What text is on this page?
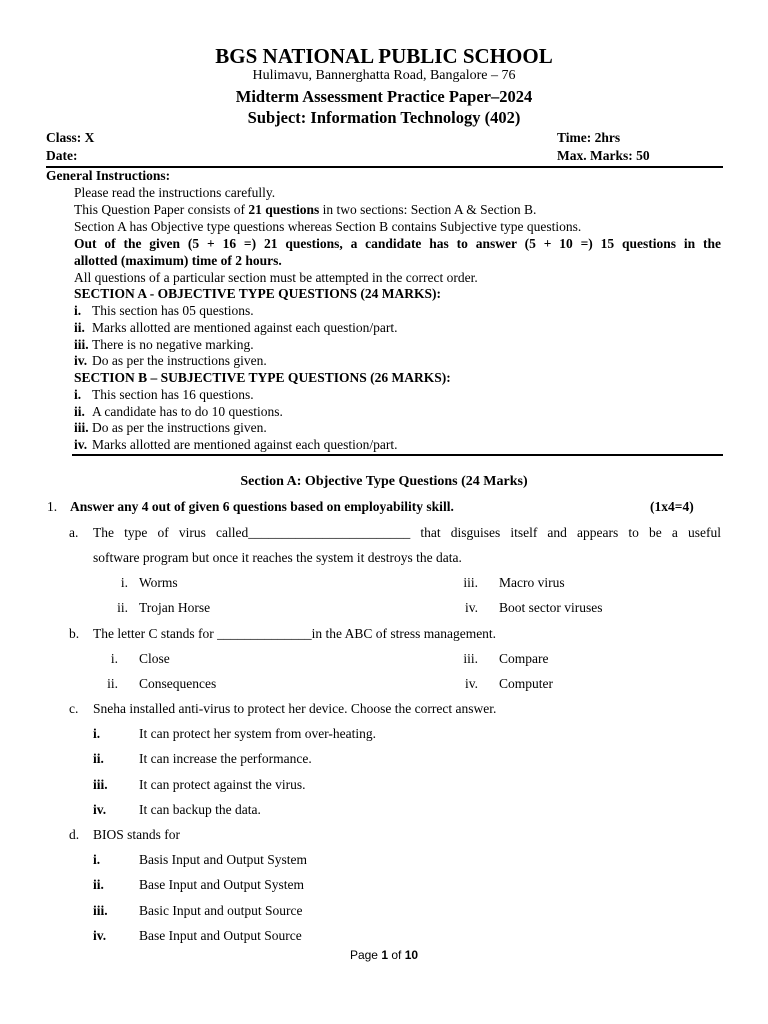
BGS NATIONAL PUBLIC SCHOOL
Hulimavu, Bannerghatta Road, Bangalore – 76
Midterm Assessment Practice Paper–2024
Subject: Information Technology (402)
Class: X	Time: 2hrs
Date:	Max. Marks: 50
General Instructions:
Please read the instructions carefully.
This Question Paper consists of 21 questions in two sections: Section A & Section B.
Section A has Objective type questions whereas Section B contains Subjective type questions.
Out of the given (5 + 16 =) 21 questions, a candidate has to answer (5 + 10 =) 15 questions in the
allotted (maximum) time of 2 hours.
All questions of a particular section must be attempted in the correct order.
SECTION A - OBJECTIVE TYPE QUESTIONS (24 MARKS):
i. This section has 05 questions.
ii. Marks allotted are mentioned against each question/part.
iii. There is no negative marking.
iv. Do as per the instructions given.
SECTION B – SUBJECTIVE TYPE QUESTIONS (26 MARKS):
i. This section has 16 questions.
ii. A candidate has to do 10 questions.
iii. Do as per the instructions given.
iv. Marks allotted are mentioned against each question/part.
Section A: Objective Type Questions (24 Marks)
1. Answer any 4 out of given 6 questions based on employability skill.	(1x4=4)
a. The type of virus called________________________ that disguises itself and appears to be a useful
software program but once it reaches the system it destroys the data.
i. Worms	iii. Macro virus
ii. Trojan Horse	iv. Boot sector viruses
b. The letter C stands for ______________in the ABC of stress management.
i. Close	iii. Compare
ii. Consequences	iv. Computer
c. Sneha installed anti-virus to protect her device. Choose the correct answer.
i.	It can protect her system from over-heating.
ii.	It can increase the performance.
iii. It can protect against the virus.
iv. It can backup the data.
d. BIOS stands for
i.	Basis Input and Output System
ii.	Base Input and Output System
iii. Basic Input and output Source
iv. Base Input and Output Source
Page 1 of 10
